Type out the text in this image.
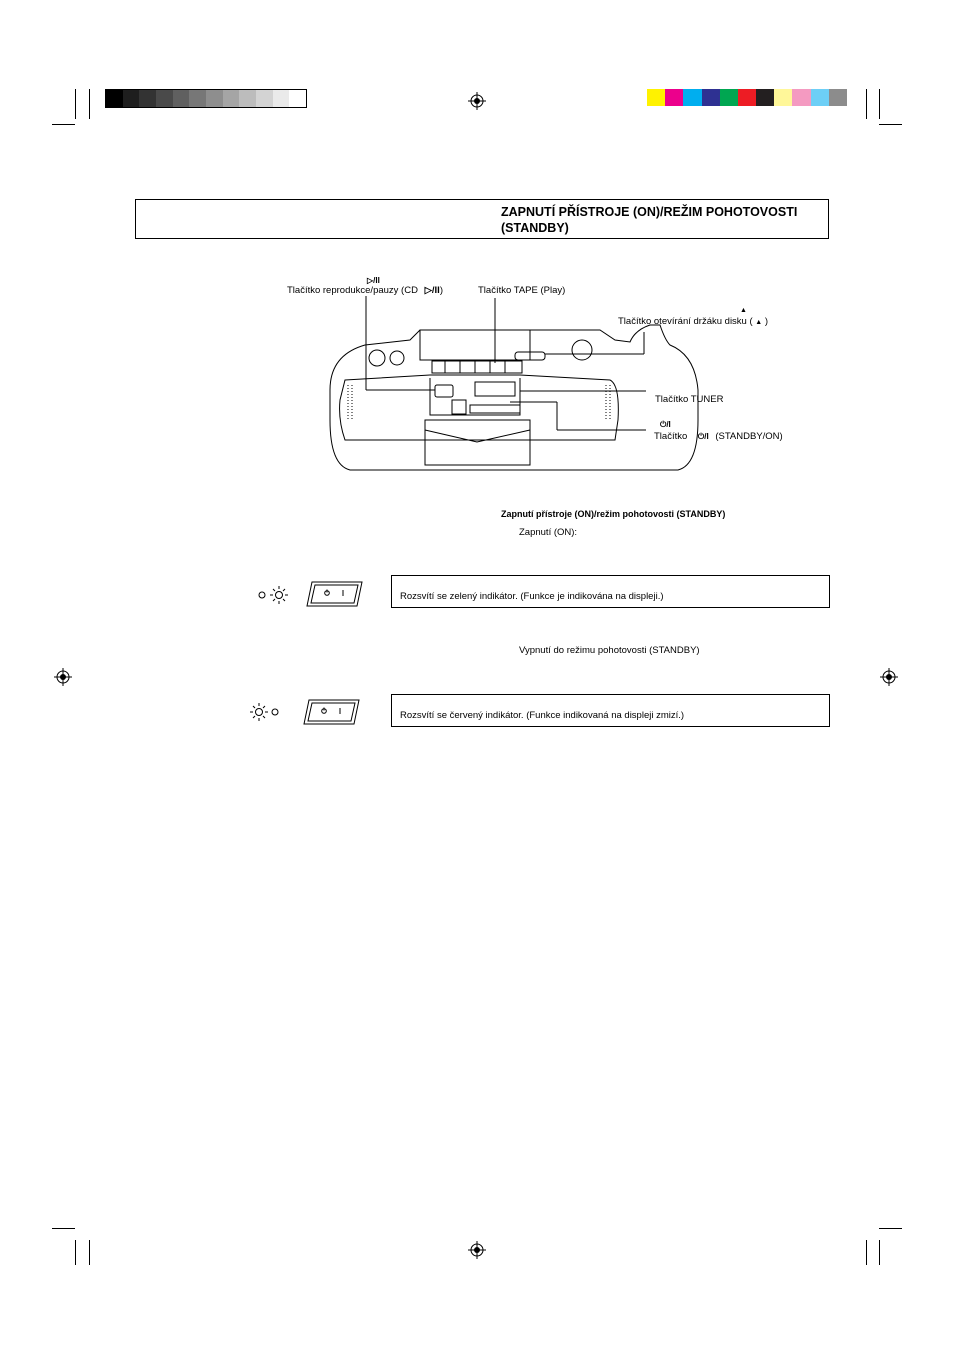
ZAPNUTÍ PŘÍSTROJE (ON)/REŽIM POHOTOVOSTI
(STANDBY)
▷/II
Tlačítko reprodukce/pauzy (CD ▷/II)	Tlačítko TAPE (Play)
▲
Tlačítko otevírání držáku disku ( ▲ )
Tlačítko TUNER
⏻/I
Tlačítko ⏻/I (STANDBY/ON)
Zapnutí přístroje (ON)/režim pohotovosti (STANDBY)
Zapnutí (ON):
Rozsvítí se zelený indikátor. (Funkce je indikována na displeji.)
Vypnutí do režimu pohotovosti (STANDBY)
Rozsvítí se červený indikátor. (Funkce indikovaná na displeji zmizí.)
